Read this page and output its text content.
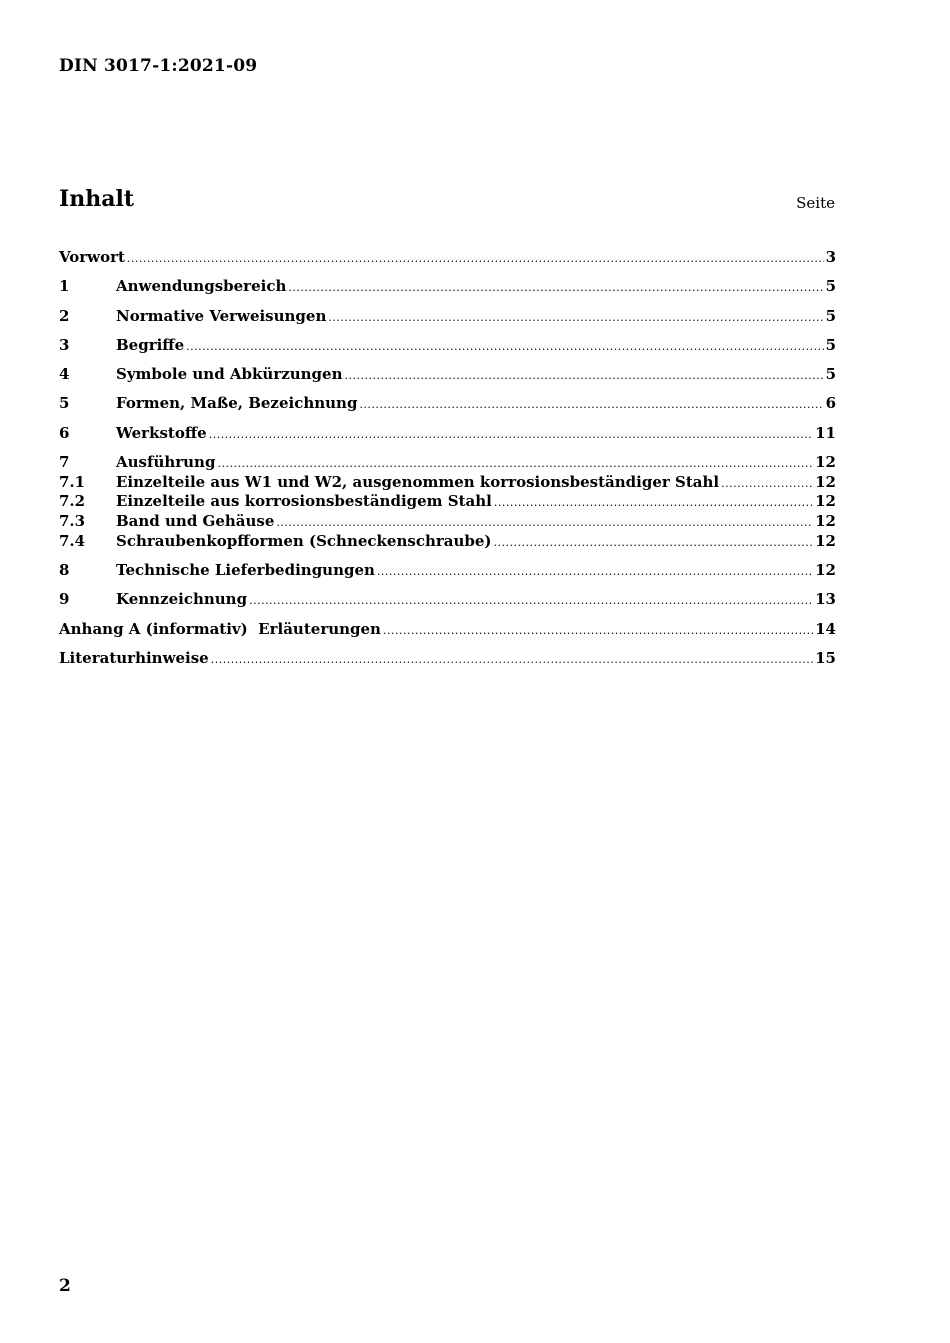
DIN 3017-1:2021-09
Inhalt	Seite
Vorwort .....	3
1	Anwendungsbereich .....	5
2	Normative Verweisungen .....	5
3	Begriffe .....	5
4	Symbole und Abkürzungen .....	5
5	Formen, Maße, Bezeichnung .....	6
6	Werkstoffe .....	11
7	Ausführung .....	12
7.1	Einzelteile aus W1 und W2, ausgenommen korrosionsbeständiger Stahl .....	12
7.2	Einzelteile aus korrosionsbeständigem Stahl .....	12
7.3	Band und Gehäuse .....	12
7.4	Schraubenkopfformen (Schneckenschraube) .....	12
8	Technische Lieferbedingungen .....	12
9	Kennzeichnung .....	13
Anhang A (informativ)  Erläuterungen .....	14
Literaturhinweise .....	15
2
